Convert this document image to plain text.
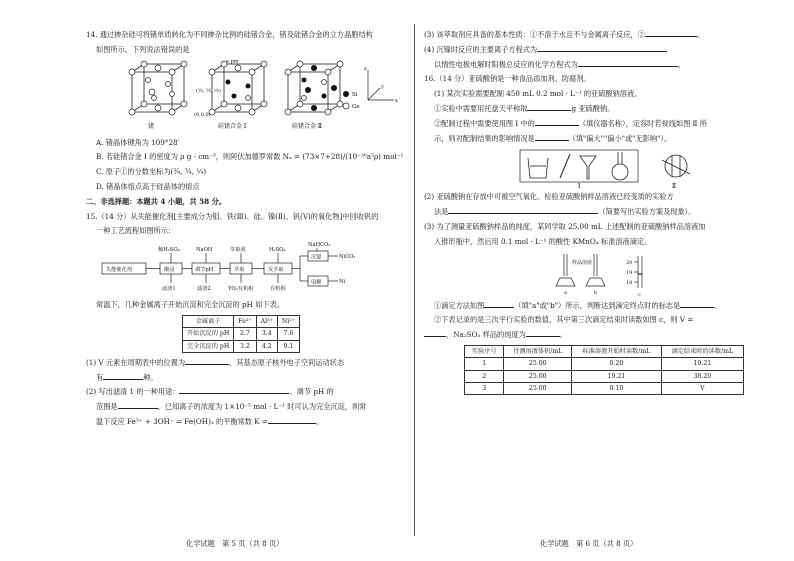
14. 通过掺杂硅可将锗单质转化为不同掺杂比例的硅锗合金，锗及硅锗合金的立方晶胞结构

如图所示。下列说法错误的是

锗
a pm
(½, ½, ½)
(0,0,0)
硅锗合金 Ⅰ	硅锗合金 Ⅱ
Si
Ge
z
x
y

A. 锗晶体键角为 109°28′

B. 若硅锗合金 Ⅰ 的密度为 ρ g · cm⁻³，则阿伏加德罗常数 Nₐ = (73×7+28)/(10⁻³⁰a³ρ) mol⁻¹

C. 原子①的分数坐标为(¾, ¾, ¼)

D. 锗晶体熔点高于硅晶体的熔点

二、非选择题：本题共 4 小题，共 58 分。

15.（14 分）从失能催化剂[主要成分为钼、铁(Ⅲ)、硅、镍(Ⅱ)、钒(Ⅴ)的氧化物]中回收钒的

一种工艺流程如图所示：

失能催化剂	酸浸
稀H₂SO₄
滤渣1
调节pH
NaOH
滤渣2
萃取
萃取剂
YO₂有机相
反萃取
H₂SO₄
有机相
NaHCO₃
沉镍	NiCO₃
电解	Ni

常温下，几种金属离子开始沉淀和完全沉淀的 pH 如下表。

金属离子	Fe³⁺	Al³⁺	Ni²⁺
开始沉淀的 pH	2.7	3.4	7.6
完全沉淀的 pH	3.2	4.2	9.1

(1) V 元素在周期表中的位置为	，其基态原子核外电子空间运动状态

有	种。

(2) 写出滤渣 1 的一种用途：	。调节 pH 的

范围是	。已知离子的浓度为 1×10⁻⁵ mol · L⁻¹ 时可认为完全沉淀，则常

温下反应 Fe³⁺ + 3OH⁻ ⇌ Fe(OH)₃ 的平衡常数 K =	。

化学试题　第 5 页（共 8 页）

(3) 该萃取剂应具备的基本性质：①不溶于水且不与金属离子反应，②	。

(4) 沉镍时反应的主要离子方程式为

以惰性电极电解时阳极总反应的化学方程式为	。

16.（14 分）亚硫酸钠是一种食品添加剂、防腐剂。

(1) 某次实验需要配制 450 mL 0.2 mol · L⁻¹ 的亚硫酸钠溶液。

①实验中需要用托盘天平称取	g 亚硫酸钠。

②配制过程中需要使用图 Ⅰ 中的	（填仪器名称），定容时若视线如图 Ⅱ 所

示，则对配制结果的影响情况是	（填"偏大""偏小"或"无影响"）。

Ⅰ	Ⅱ

(2) 亚硫酸钠在存放中可被空气氧化。检验亚硫酸钠样品溶液已经变质的实验方

法是	（简要写出实验方案及现象）。

(3) 为了测量亚硫酸钠样品的纯度，某同学取 25.00 mL 上述配制的亚硫酸钠样品溶液加

入锥形瓶中，然后用 0.1 mol · L⁻¹ 的酸性 KMnO₄ 标准溶液滴定。

样品溶液
a	b	c
20
19
18

①滴定方法如图	（填"a"或"b"）所示，判断达到滴定终点时的标志是	。

②下表记录的是三次平行实验的数值，其中第三次滴定结束时读数如图 c，则 V =

，Na₂SO₃ 样品的纯度为	。

实验序号	待测溶液体积/mL	标准溶液开始时读数/mL	滴定结束时的读数/mL
1	25.00	0.20	19.21
2	25.00	19.21	38.20
3	25.00	0.10	V
化学试题　第 6 页（共 8 页）
